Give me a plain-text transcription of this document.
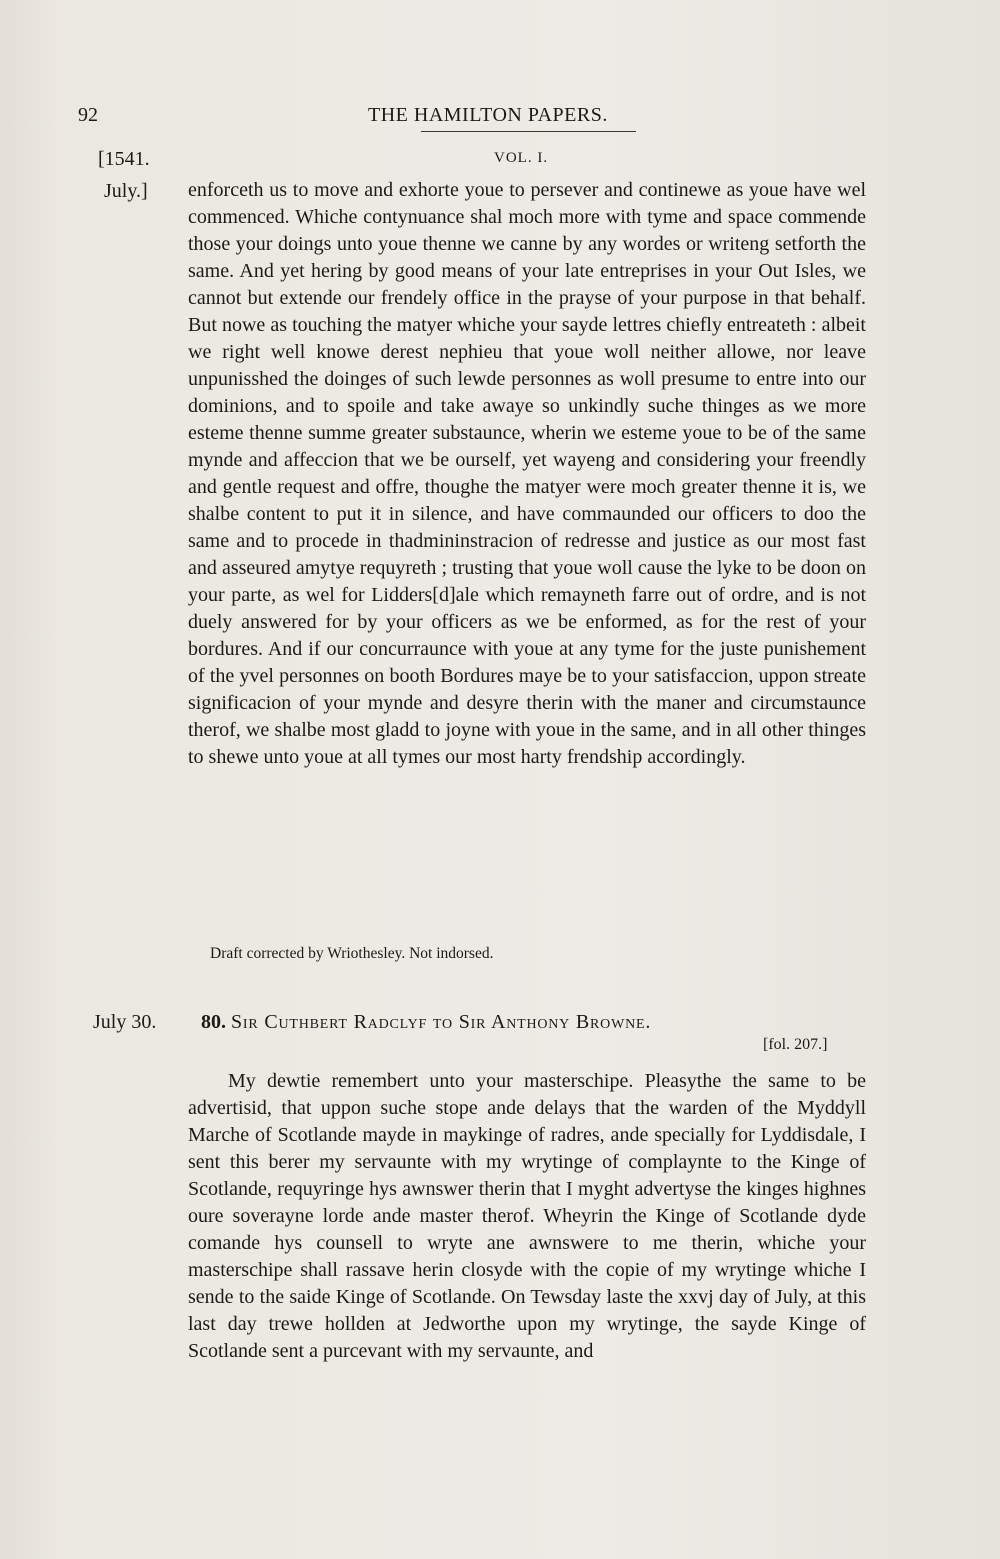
92	THE HAMILTON PAPERS.
[1541.	VOL. I.
July.] enforceth us to move and exhorte youe to persever and continewe as youe have wel commenced. Whiche contynuance shal moch more with tyme and space commende those your doings unto youe thenne we canne by any wordes or writeng setforth the same. And yet hering by good means of your late entreprises in your Out Isles, we cannot but extende our frendely office in the prayse of your purpose in that behalf. But nowe as touching the matyer whiche your sayde lettres chiefly entreateth : albeit we right well knowe derest nephieu that youe woll neither allowe, nor leave unpunisshed the doinges of such lewde personnes as woll presume to entre into our dominions, and to spoile and take awaye so unkindly suche thinges as we more esteme thenne summe greater substaunce, wherin we esteme youe to be of the same mynde and affeccion that we be ourself, yet wayeng and considering your freendly and gentle request and offre, thoughe the matyer were moch greater thenne it is, we shalbe content to put it in silence, and have commaunded our officers to doo the same and to procede in thadmininstracion of redresse and justice as our most fast and asseured amytye requyreth ; trusting that youe woll cause the lyke to be doon on your parte, as wel for Lidders[d]ale which remayneth farre out of ordre, and is not duely answered for by your officers as we be enformed, as for the rest of your bordures. And if our concurraunce with youe at any tyme for the juste punishement of the yvel personnes on booth Bordures maye be to your satisfaccion, uppon streate significacion of your mynde and desyre therin with the maner and circumstaunce therof, we shalbe most gladd to joyne with youe in the same, and in all other thinges to shewe unto youe at all tymes our most harty frendship accordingly.

Draft corrected by Wriothesley. Not indorsed.
July 30. 80. Sir Cuthbert Radclyf to Sir Anthony Browne.
[fol. 207.]

My dewtie remembert unto your masterschipe. Pleasythe the same to be advertisid, that uppon suche stope ande delays that the warden of the Myddyll Marche of Scotlande mayde in maykinge of radres, ande specially for Lyddisdale, I sent this berer my servaunte with my wrytinge of complaynte to the Kinge of Scotlande, requyringe hys awnswer therin that I myght advertyse the kinges highnes oure soverayne lorde ande master therof. Wheyrin the Kinge of Scotlande dyde comande hys counsell to wryte ane awnswere to me therin, whiche your masterschipe shall rassave herin closyde with the copie of my wrytinge whiche I sende to the saide Kinge of Scotlande. On Tewsday laste the xxvj day of July, at this last day trewe hollden at Jedworthe upon my wrytinge, the sayde Kinge of Scotlande sent a purcevant with my servaunte, and
